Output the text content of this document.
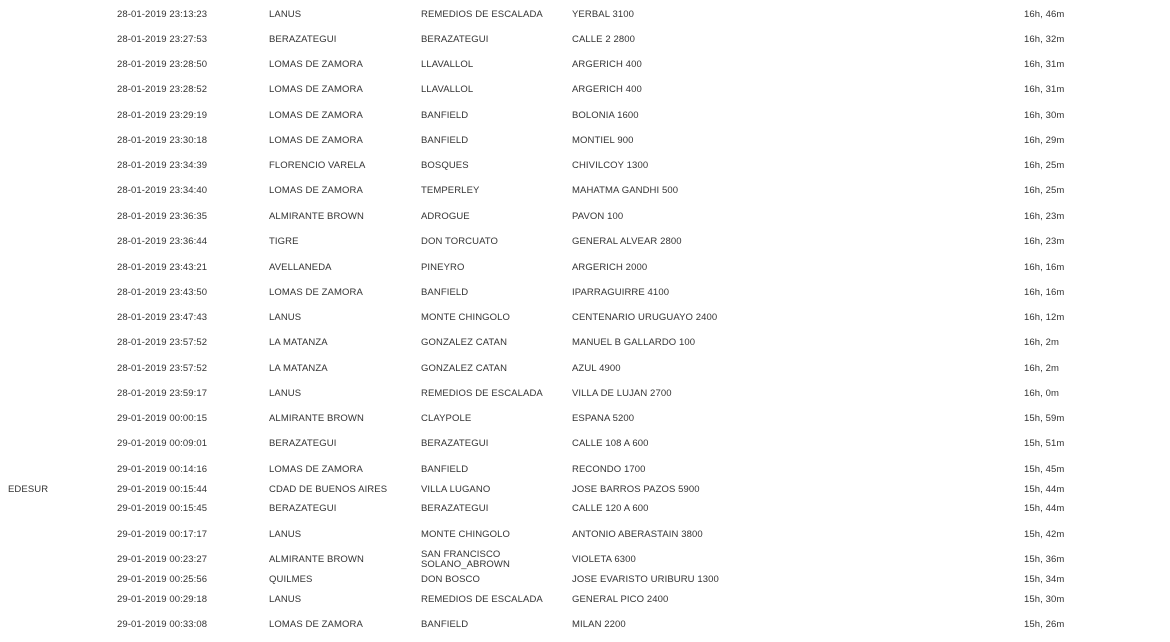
28-01-2019 23:13:23	LANUS	REMEDIOS DE ESCALADA	YERBAL 3100	16h, 46m
28-01-2019 23:27:53	BERAZATEGUI	BERAZATEGUI	CALLE 2 2800	16h, 32m
28-01-2019 23:28:50	LOMAS DE ZAMORA	LLAVALLOL	ARGERICH 400	16h, 31m
28-01-2019 23:28:52	LOMAS DE ZAMORA	LLAVALLOL	ARGERICH 400	16h, 31m
28-01-2019 23:29:19	LOMAS DE ZAMORA	BANFIELD	BOLONIA 1600	16h, 30m
28-01-2019 23:30:18	LOMAS DE ZAMORA	BANFIELD	MONTIEL 900	16h, 29m
28-01-2019 23:34:39	FLORENCIO VARELA	BOSQUES	CHIVILCOY 1300	16h, 25m
28-01-2019 23:34:40	LOMAS DE ZAMORA	TEMPERLEY	MAHATMA GANDHI 500	16h, 25m
28-01-2019 23:36:35	ALMIRANTE BROWN	ADROGUE	PAVON 100	16h, 23m
28-01-2019 23:36:44	TIGRE	DON TORCUATO	GENERAL ALVEAR 2800	16h, 23m
28-01-2019 23:43:21	AVELLANEDA	PINEYRO	ARGERICH 2000	16h, 16m
28-01-2019 23:43:50	LOMAS DE ZAMORA	BANFIELD	IPARRAGUIRRE 4100	16h, 16m
28-01-2019 23:47:43	LANUS	MONTE CHINGOLO	CENTENARIO URUGUAYO 2400	16h, 12m
28-01-2019 23:57:52	LA MATANZA	GONZALEZ CATAN	MANUEL B GALLARDO 100	16h, 2m
28-01-2019 23:57:52	LA MATANZA	GONZALEZ CATAN	AZUL 4900	16h, 2m
28-01-2019 23:59:17	LANUS	REMEDIOS DE ESCALADA	VILLA DE LUJAN 2700	16h, 0m
29-01-2019 00:00:15	ALMIRANTE BROWN	CLAYPOLE	ESPANA 5200	15h, 59m
29-01-2019 00:09:01	BERAZATEGUI	BERAZATEGUI	CALLE 108 A 600	15h, 51m
29-01-2019 00:14:16	LOMAS DE ZAMORA	BANFIELD	RECONDO 1700	15h, 45m
EDESUR	29-01-2019 00:15:44	CDAD DE BUENOS AIRES	VILLA LUGANO	JOSE BARROS PAZOS 5900	15h, 44m
29-01-2019 00:15:45	BERAZATEGUI	BERAZATEGUI	CALLE 120 A 600	15h, 44m
29-01-2019 00:17:17	LANUS	MONTE CHINGOLO	ANTONIO ABERASTAIN 3800	15h, 42m
29-01-2019 00:23:27	ALMIRANTE BROWN	SAN FRANCISCO SOLANO_ABROWN	VIOLETA 6300	15h, 36m
29-01-2019 00:25:56	QUILMES	DON BOSCO	JOSE EVARISTO URIBURU 1300	15h, 34m
29-01-2019 00:29:18	LANUS	REMEDIOS DE ESCALADA	GENERAL PICO 2400	15h, 30m
29-01-2019 00:33:08	LOMAS DE ZAMORA	BANFIELD	MILAN 2200	15h, 26m
